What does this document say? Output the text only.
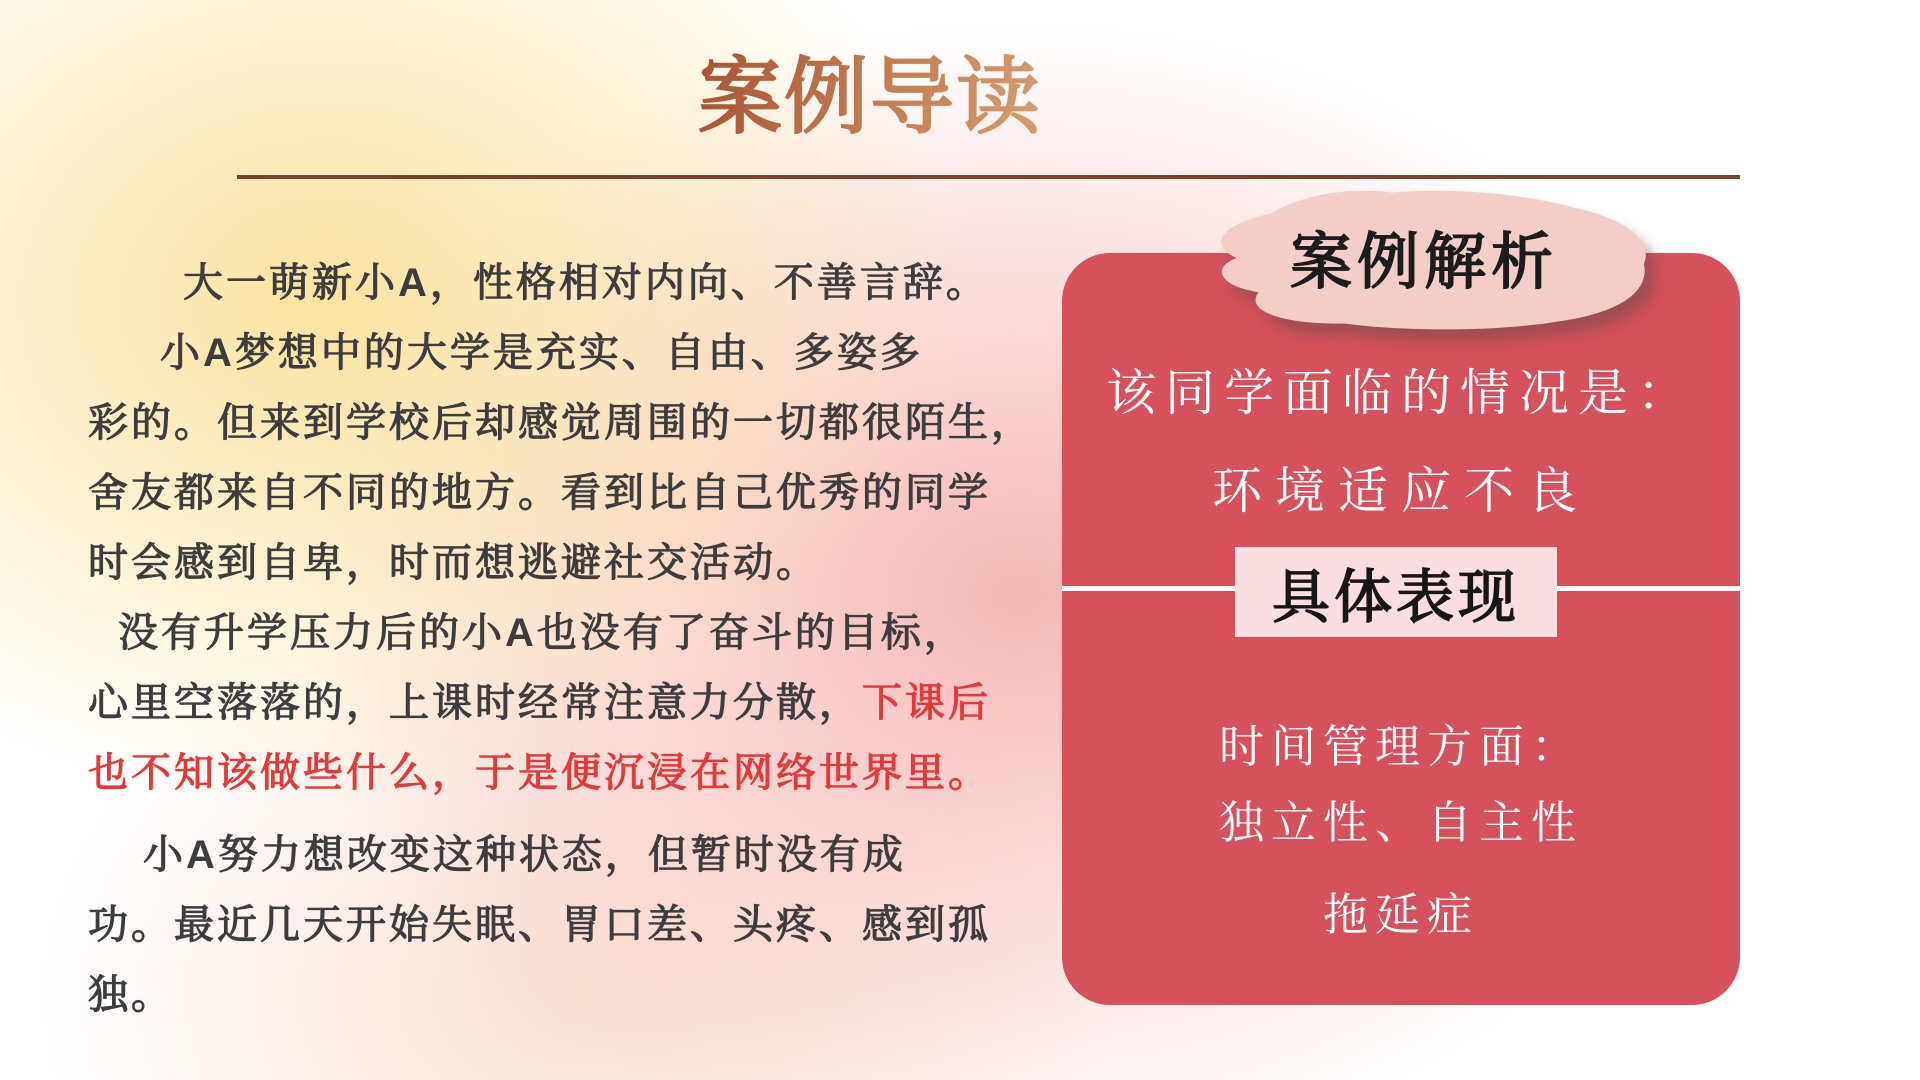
案例导读
大一萌新小A，性格相对内向、不善言辞。
小A梦想中的大学是充实、自由、多姿多
彩的。但来到学校后却感觉周围的一切都很陌生，
舍友都来自不同的地方。看到比自己优秀的同学
时会感到自卑，时而想逃避社交活动。
没有升学压力后的小A也没有了奋斗的目标，
心里空落落的，上课时经常注意力分散，下课后
也不知该做些什么，于是便沉浸在网络世界里。
小A努力想改变这种状态，但暂时没有成
功。最近几天开始失眠、胃口差、头疼、感到孤
独。
该同学面临的情况是：
环境适应不良
具体表现
时间管理方面：
独立性、自主性
拖延症
案例解析
